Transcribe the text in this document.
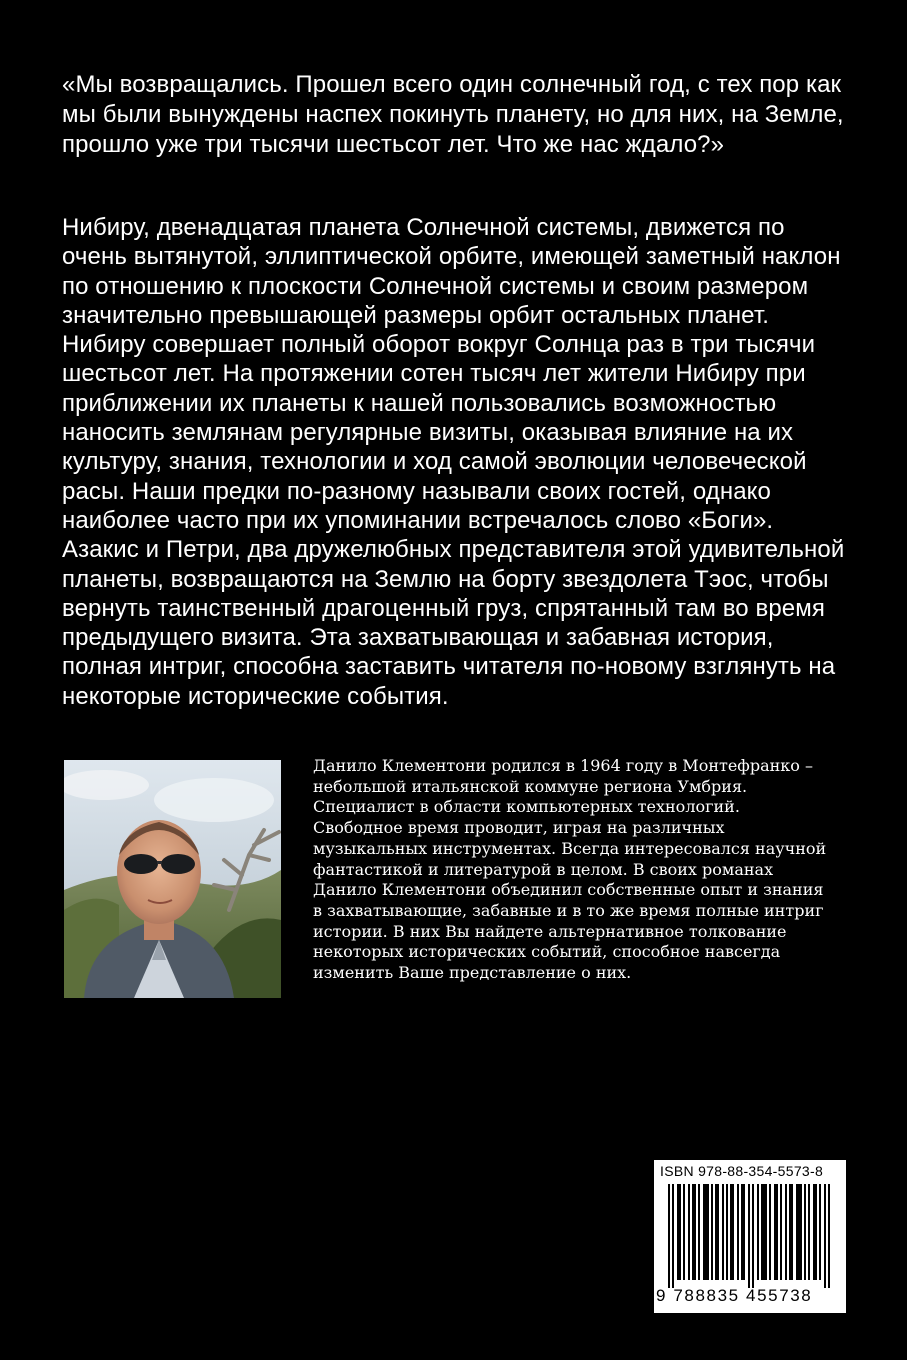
«Мы возвращались. Прошел всего один солнечный год, с тех пор как мы были вынуждены наспех покинуть планету, но для них, на Земле, прошло уже три тысячи шестьсот лет. Что же нас ждало?»

Нибиру, двенадцатая планета Солнечной системы, движется по очень вытянутой, эллиптической орбите, имеющей заметный наклон по отношению к плоскости Солнечной системы и своим размером значительно превышающей размеры орбит остальных планет. Нибиру совершает полный оборот вокруг Солнца раз в три тысячи шестьсот лет. На протяжении сотен тысяч лет жители Нибиру при приближении их планеты к нашей пользовались возможностью наносить землянам регулярные визиты, оказывая влияние на их культуру, знания, технологии и ход самой эволюции человеческой расы. Наши предки по-разному называли своих гостей, однако наиболее часто при их упоминании встречалось слово «Боги». Азакис и Петри, два дружелюбных представителя этой удивительной планеты, возвращаются на Землю на борту звездолета Тэос, чтобы вернуть таинственный драгоценный груз, спрятанный там во время предыдущего визита. Эта захватывающая и забавная история, полная интриг, способна заставить читателя по-новому взглянуть на некоторые исторические события.

Данило Клементони родился в 1964 году в Монтефранко – небольшой итальянской коммуне региона Умбрия. Специалист в области компьютерных технологий. Свободное время проводит, играя на различных музыкальных инструментах. Всегда интересовался научной фантастикой и литературой в целом. В своих романах Данило Клементони объединил собственные опыт и знания в захватывающие, забавные и в то же время полные интриг истории. В них Вы найдете альтернативное толкование некоторых исторических событий, способное навсегда изменить Ваше представление о них.

ISBN 978-88-354-5573-8
9 788835 455738
